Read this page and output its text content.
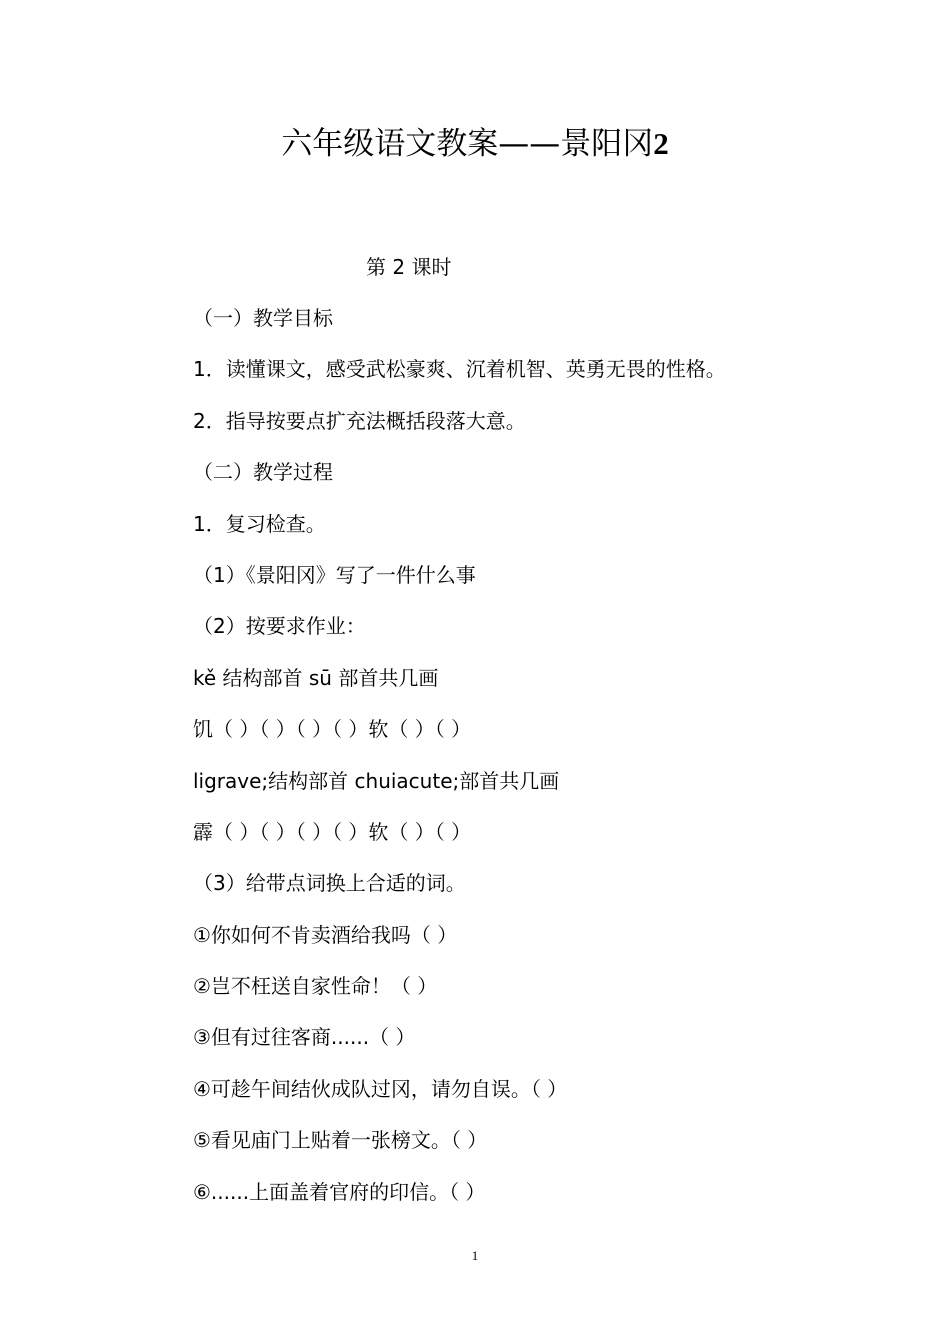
六年级语文教案——景阳冈2
第 2 课时
（一）教学目标
1．读懂课文，感受武松豪爽、沉着机智、英勇无畏的性格。
2．指导按要点扩充法概括段落大意。
（二）教学过程
1．复习检查。
（1）《景阳冈》写了一件什么事
（2）按要求作业：
kě 结构部首 sū 部首共几画
饥（ ）（ ）（ ）（ ）软（ ）（ ）
ligrave;结构部首 chuiacute;部首共几画
霹（ ）（ ）（ ）（ ）软（ ）（ ）
（3）给带点词换上合适的词。
①你如何不肯卖酒给我吗（ ）
②岂不枉送自家性命！（ ）
③但有过往客商......（ ）
④可趁午间结伙成队过冈，请勿自误。（ ）
⑤看见庙门上贴着一张榜文。（ ）
⑥......上面盖着官府的印信。（ ）
1
